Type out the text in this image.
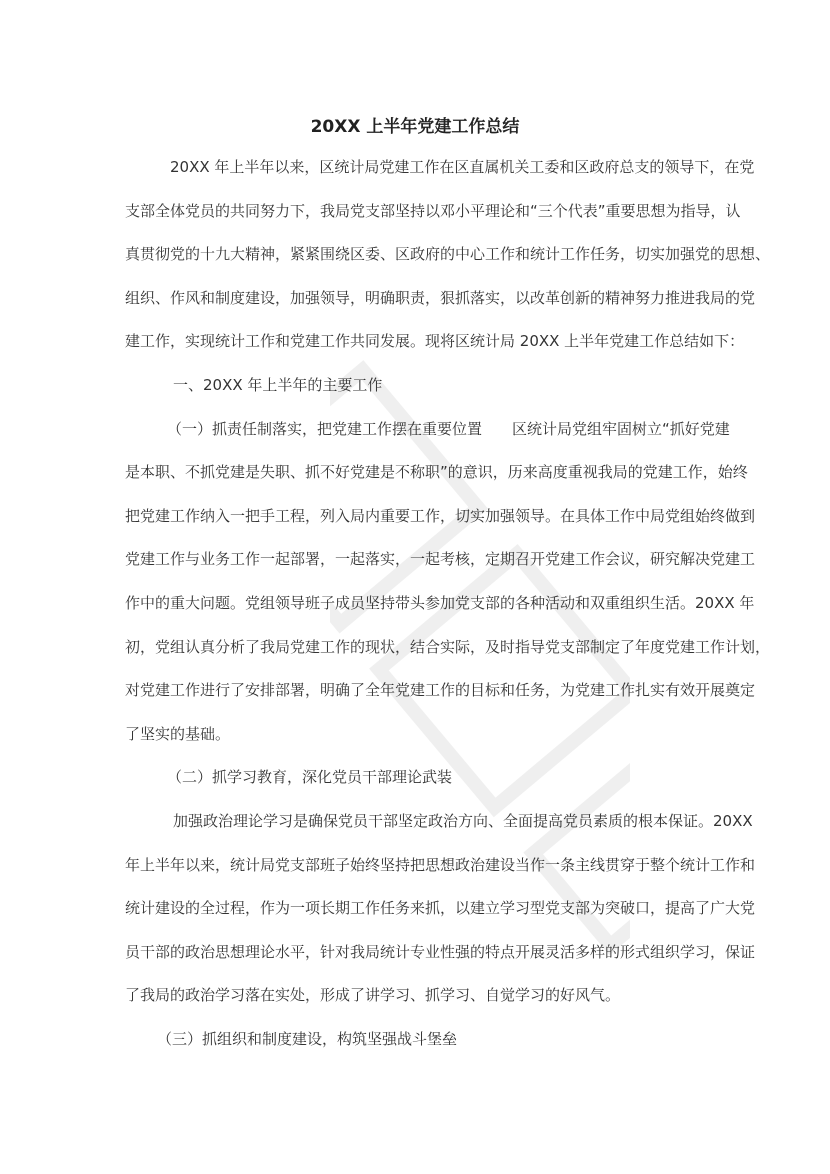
20XX 上半年党建工作总结
20XX 年上半年以来，区统计局党建工作在区直属机关工委和区政府总支的领导下，在党
支部全体党员的共同努力下，我局党支部坚持以邓小平理论和“三个代表”重要思想为指导，认
真贯彻党的十九大精神，紧紧围绕区委、区政府的中心工作和统计工作任务，切实加强党的思想、
组织、作风和制度建设，加强领导，明确职责，狠抓落实，以改革创新的精神努力推进我局的党
建工作，实现统计工作和党建工作共同发展。现将区统计局 20XX 上半年党建工作总结如下：
一、20XX 年上半年的主要工作
（一）抓责任制落实，把党建工作摆在重要位置　　区统计局党组牢固树立“抓好党建
是本职、不抓党建是失职、抓不好党建是不称职”的意识，历来高度重视我局的党建工作，始终
把党建工作纳入一把手工程，列入局内重要工作，切实加强领导。在具体工作中局党组始终做到
党建工作与业务工作一起部署，一起落实，一起考核，定期召开党建工作会议，研究解决党建工
作中的重大问题。党组领导班子成员坚持带头参加党支部的各种活动和双重组织生活。20XX 年
初，党组认真分析了我局党建工作的现状，结合实际，及时指导党支部制定了年度党建工作计划，
对党建工作进行了安排部署，明确了全年党建工作的目标和任务，为党建工作扎实有效开展奠定
了坚实的基础。
（二）抓学习教育，深化党员干部理论武装
加强政治理论学习是确保党员干部坚定政治方向、全面提高党员素质的根本保证。20XX
年上半年以来，统计局党支部班子始终坚持把思想政治建设当作一条主线贯穿于整个统计工作和
统计建设的全过程，作为一项长期工作任务来抓，以建立学习型党支部为突破口，提高了广大党
员干部的政治思想理论水平，针对我局统计专业性强的特点开展灵活多样的形式组织学习，保证
了我局的政治学习落在实处，形成了讲学习、抓学习、自觉学习的好风气。
（三）抓组织和制度建设，构筑坚强战斗堡垒
